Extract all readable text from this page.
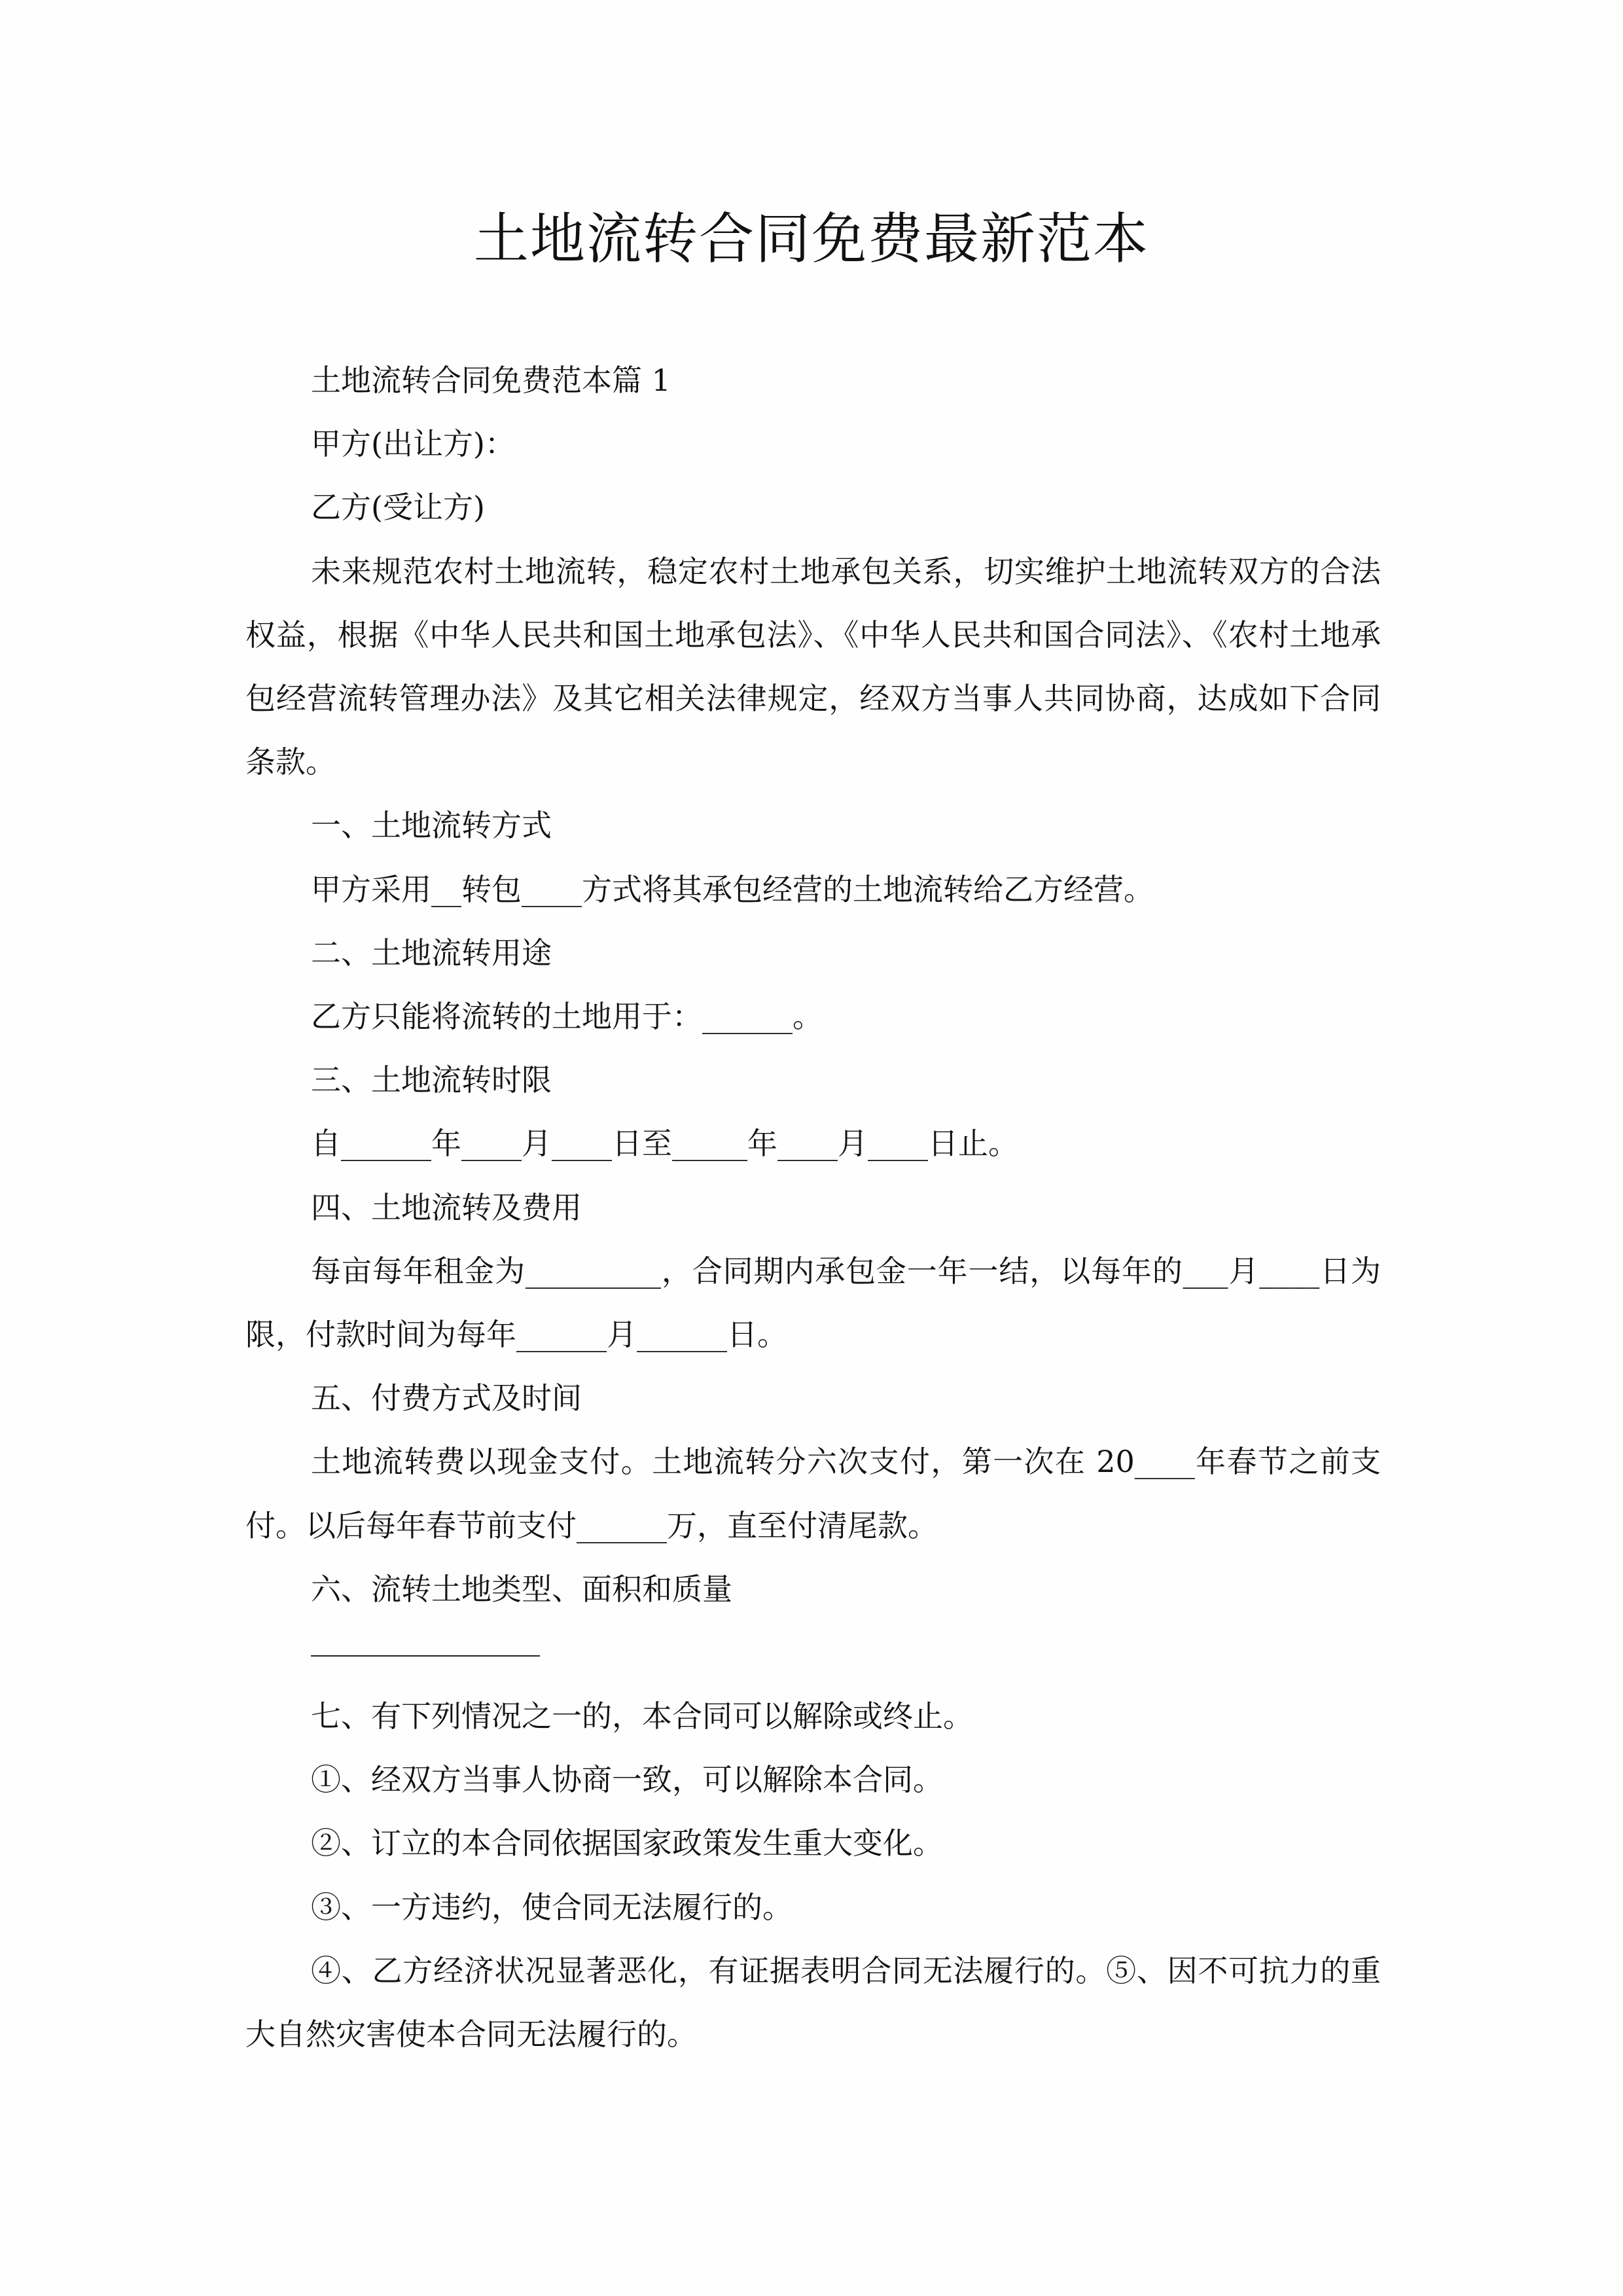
土地流转合同免费最新范本

土地流转合同免费范本篇 1

甲方(出让方)：

乙方(受让方)

未来规范农村土地流转，稳定农村土地承包关系，切实维护土地流转双方的合法权益，根据《中华人民共和国土地承包法》、《中华人民共和国合同法》、《农村土地承包经营流转管理办法》及其它相关法律规定，经双方当事人共同协商，达成如下合同条款。

一、土地流转方式

甲方采用__转包____方式将其承包经营的土地流转给乙方经营。

二、土地流转用途

乙方只能将流转的土地用于：______。

三、土地流转时限

自______年____月____日至_____年____月____日止。

四、土地流转及费用

每亩每年租金为_________，合同期内承包金一年一结，以每年的___月____日为限，付款时间为每年______月______日。

五、付费方式及时间

土地流转费以现金支付。土地流转分六次支付，第一次在 20____年春节之前支付。以后每年春节前支付______万，直至付清尾款。

六、流转土地类型、面积和质量

七、有下列情况之一的，本合同可以解除或终止。

①、经双方当事人协商一致，可以解除本合同。

②、订立的本合同依据国家政策发生重大变化。

③、一方违约，使合同无法履行的。

④、乙方经济状况显著恶化，有证据表明合同无法履行的。⑤、因不可抗力的重大自然灾害使本合同无法履行的。
